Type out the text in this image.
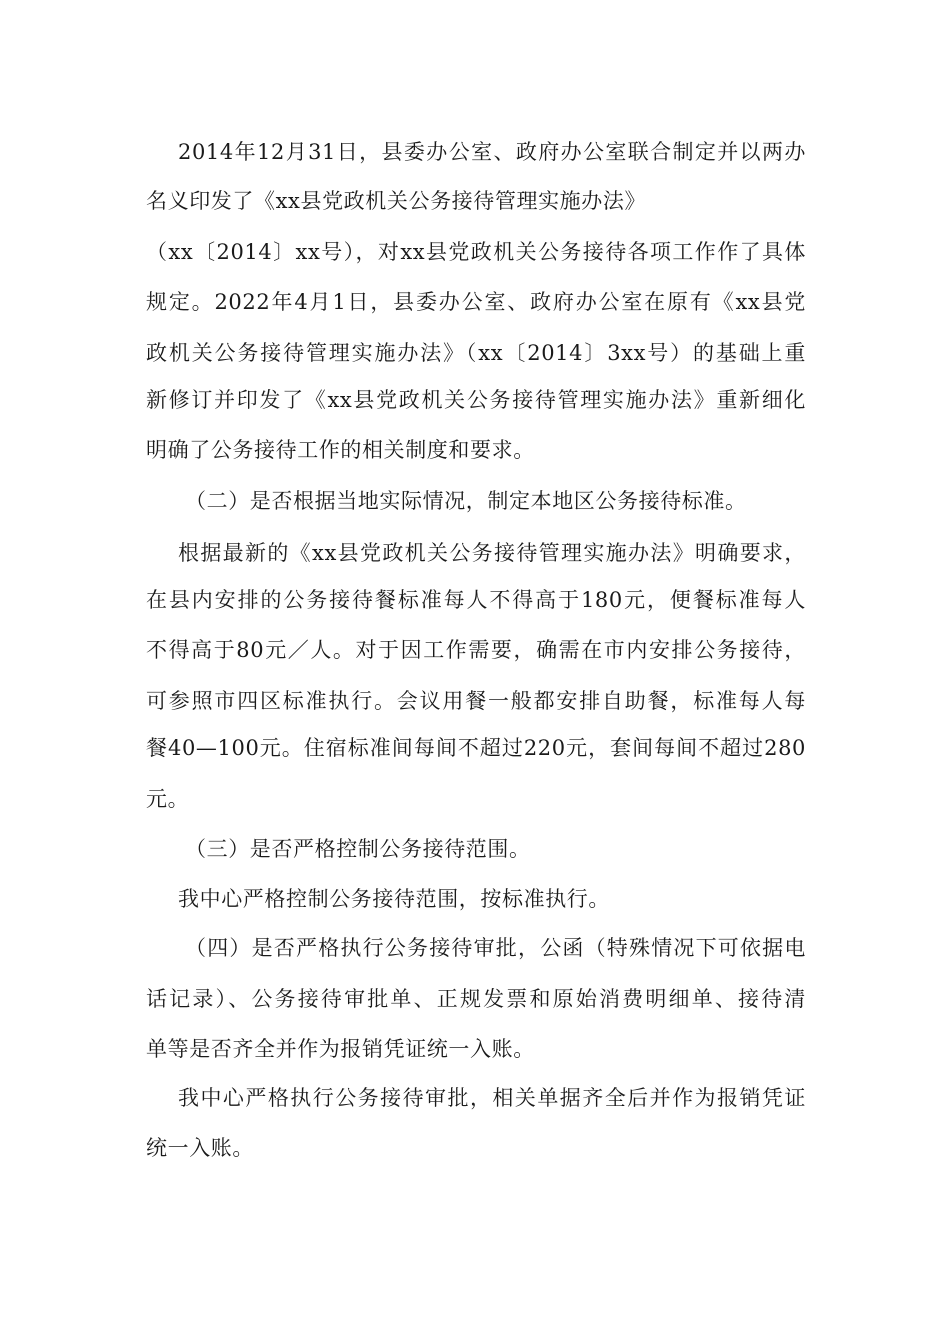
2014年12月31日，县委办公室、政府办公室联合制定并以两办
名义印发了《xx县党政机关公务接待管理实施办法》
（xx〔2014〕xx号），对xx县党政机关公务接待各项工作作了具体
规定。2022年4月1日，县委办公室、政府办公室在原有《xx县党
政机关公务接待管理实施办法》（xx〔2014〕3xx号）的基础上重
新修订并印发了《xx县党政机关公务接待管理实施办法》重新细化
明确了公务接待工作的相关制度和要求。
（二）是否根据当地实际情况，制定本地区公务接待标准。
根据最新的《xx县党政机关公务接待管理实施办法》明确要求，
在县内安排的公务接待餐标准每人不得高于180元，便餐标准每人
不得高于80元／人。对于因工作需要，确需在市内安排公务接待，
可参照市四区标准执行。会议用餐一般都安排自助餐，标准每人每
餐40—100元。住宿标准间每间不超过220元，套间每间不超过280
元。
（三）是否严格控制公务接待范围。
我中心严格控制公务接待范围，按标准执行。
（四）是否严格执行公务接待审批，公函（特殊情况下可依据电
话记录）、公务接待审批单、正规发票和原始消费明细单、接待清
单等是否齐全并作为报销凭证统一入账。
我中心严格执行公务接待审批，相关单据齐全后并作为报销凭证
统一入账。
